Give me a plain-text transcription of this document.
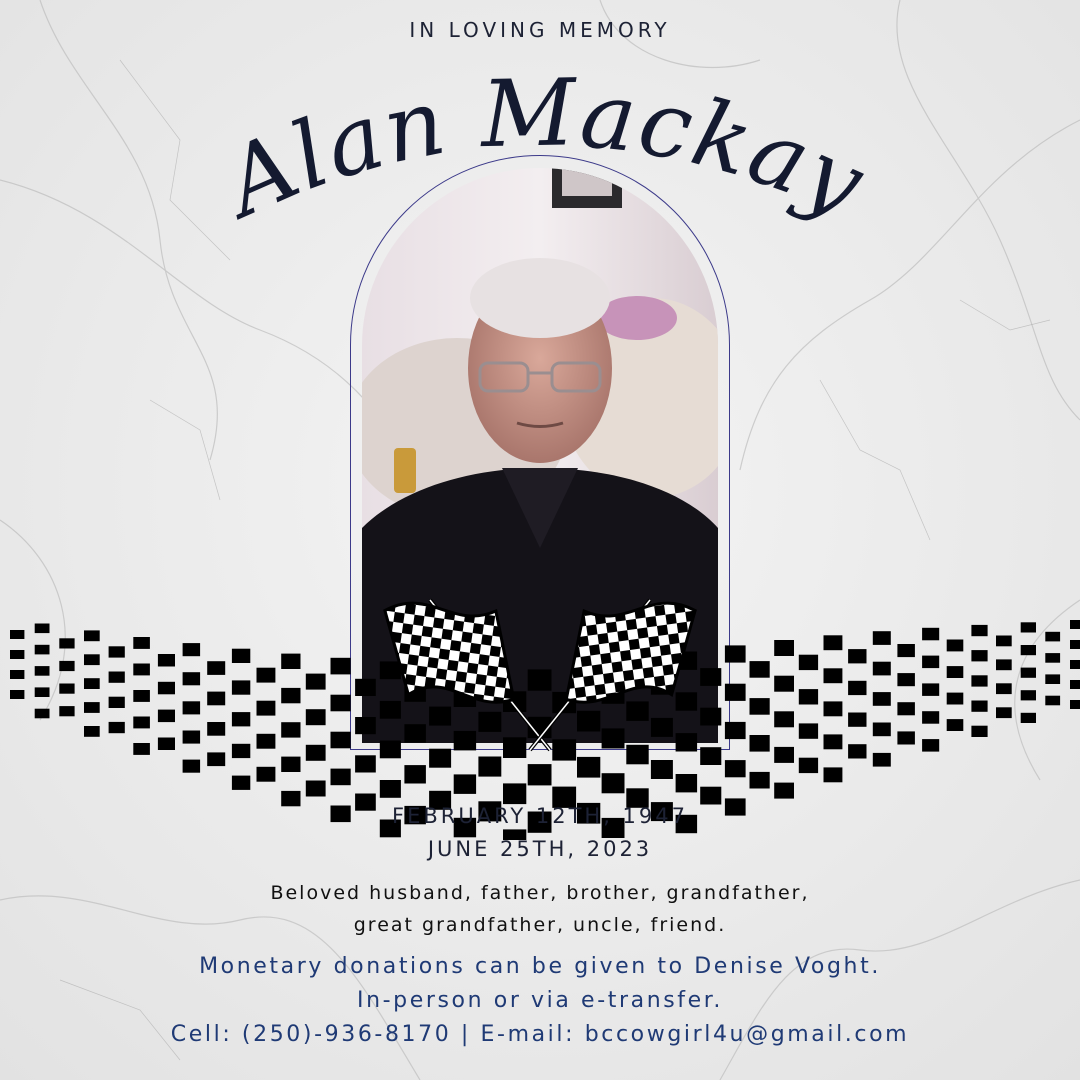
IN LOVING MEMORY
Alan Mackay
FEBRUARY 12TH, 1947
JUNE 25TH, 2023
Beloved husband, father, brother, grandfather,
great grandfather, uncle, friend.
Monetary donations can be given to Denise Voght.
In-person or via e-transfer.
Cell: (250)-936-8170 | E-mail: bccowgirl4u@gmail.com
